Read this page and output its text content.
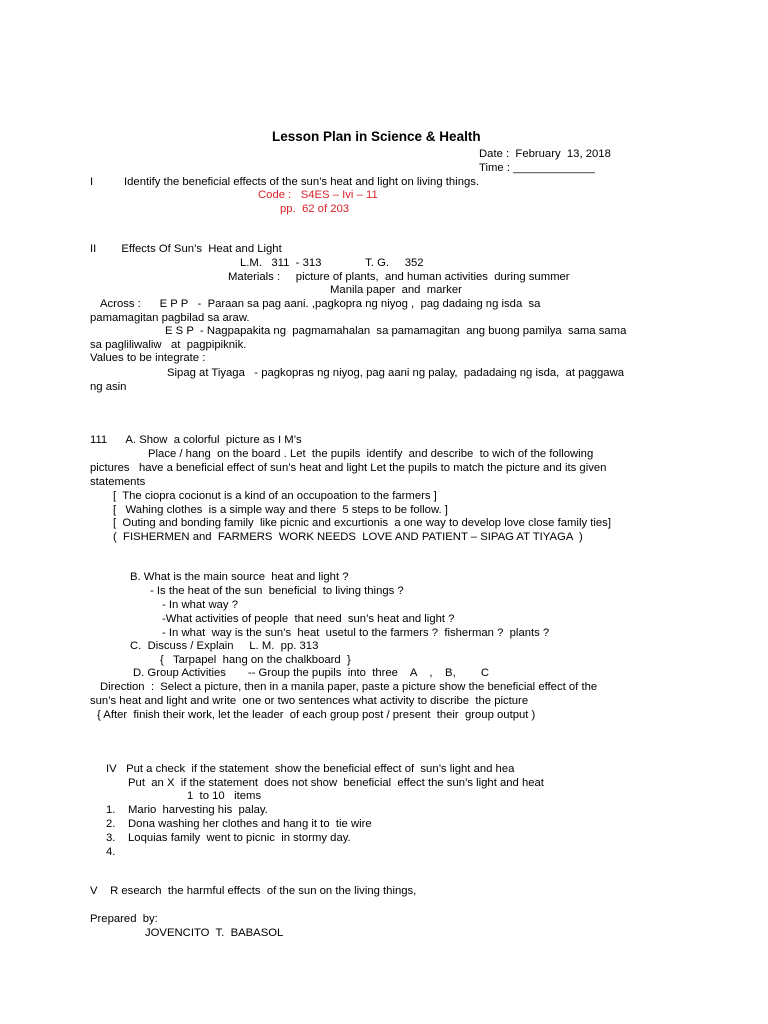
Lesson Plan in Science & Health
Date :  February  13, 2018
Time : _____________
I	Identify the beneficial effects of the sun’s heat and light on living things.
Code :   S4ES – Ivi – 11
pp.  62 of 203
II        Effects Of Sun’s  Heat and Light
L.M.   311  - 313              T. G.     352
Materials :     picture of plants,  and human activities  during summer
Manila paper  and  marker
Across :      E P P   -  Paraan sa pag aani. ,pagkopra ng niyog ,  pag dadaing ng isda  sa
pamamagitan pagbilad sa araw.
E S P  - Nagpapakita ng  pagmamahalan  sa pamamagitan  ang buong pamilya  sama sama
sa pagliliwaliw   at  pagpipiknik.
Values to be integrate :
Sipag at Tiyaga   - pagkopras ng niyog, pag aani ng palay,  padadaing ng isda,  at paggawa
ng asin
111      A. Show  a colorful  picture as I M’s
Place / hang  on the board . Let  the pupils  identify  and describe  to wich of the following
pictures   have a beneficial effect of sun’s heat and light Let the pupils to match the picture and its given
statements
[  The ciopra cocionut is a kind of an occupoation to the farmers ]
[   Wahing clothes  is a simple way and there  5 steps to be follow. ]
[  Outing and bonding family  like picnic and excurtionis  a one way to develop love close family ties]
(  FISHERMEN and  FARMERS  WORK NEEDS  LOVE AND PATIENT – SIPAG AT TIYAGA  )
B. What is the main source  heat and light ?
- Is the heat of the sun  beneficial  to living things ?
- In what way ?
-What activities of people  that need  sun’s heat and light ?
- In what  way is the sun’s  heat  usetul to the farmers ?  fisherman ?  plants ?
C.  Discuss / Explain     L. M.  pp. 313
{   Tarpapel  hang on the chalkboard  }
D. Group Activities       -- Group the pupils  into  three    A    ,    B,        C
Direction  :  Select a picture, then in a manila paper, paste a picture show the beneficial effect of the
sun’s heat and light and write  one or two sentences what activity to discribe  the picture
{ After  finish their work, let the leader  of each group post / present  their  group output )
IV   Put a check  if the statement  show the beneficial effect of  sun’s light and hea
Put  an X  if the statement  does not show  beneficial  effect the sun’s light and heat
1  to 10   items
1. Mario  harvesting his  palay.
2. Dona washing her clothes and hang it to  tie wire
3. Loquias family  went to picnic  in stormy day.
4.
V    R esearch  the harmful effects  of the sun on the living things,
Prepared  by:
JOVENCITO  T.  BABASOL
